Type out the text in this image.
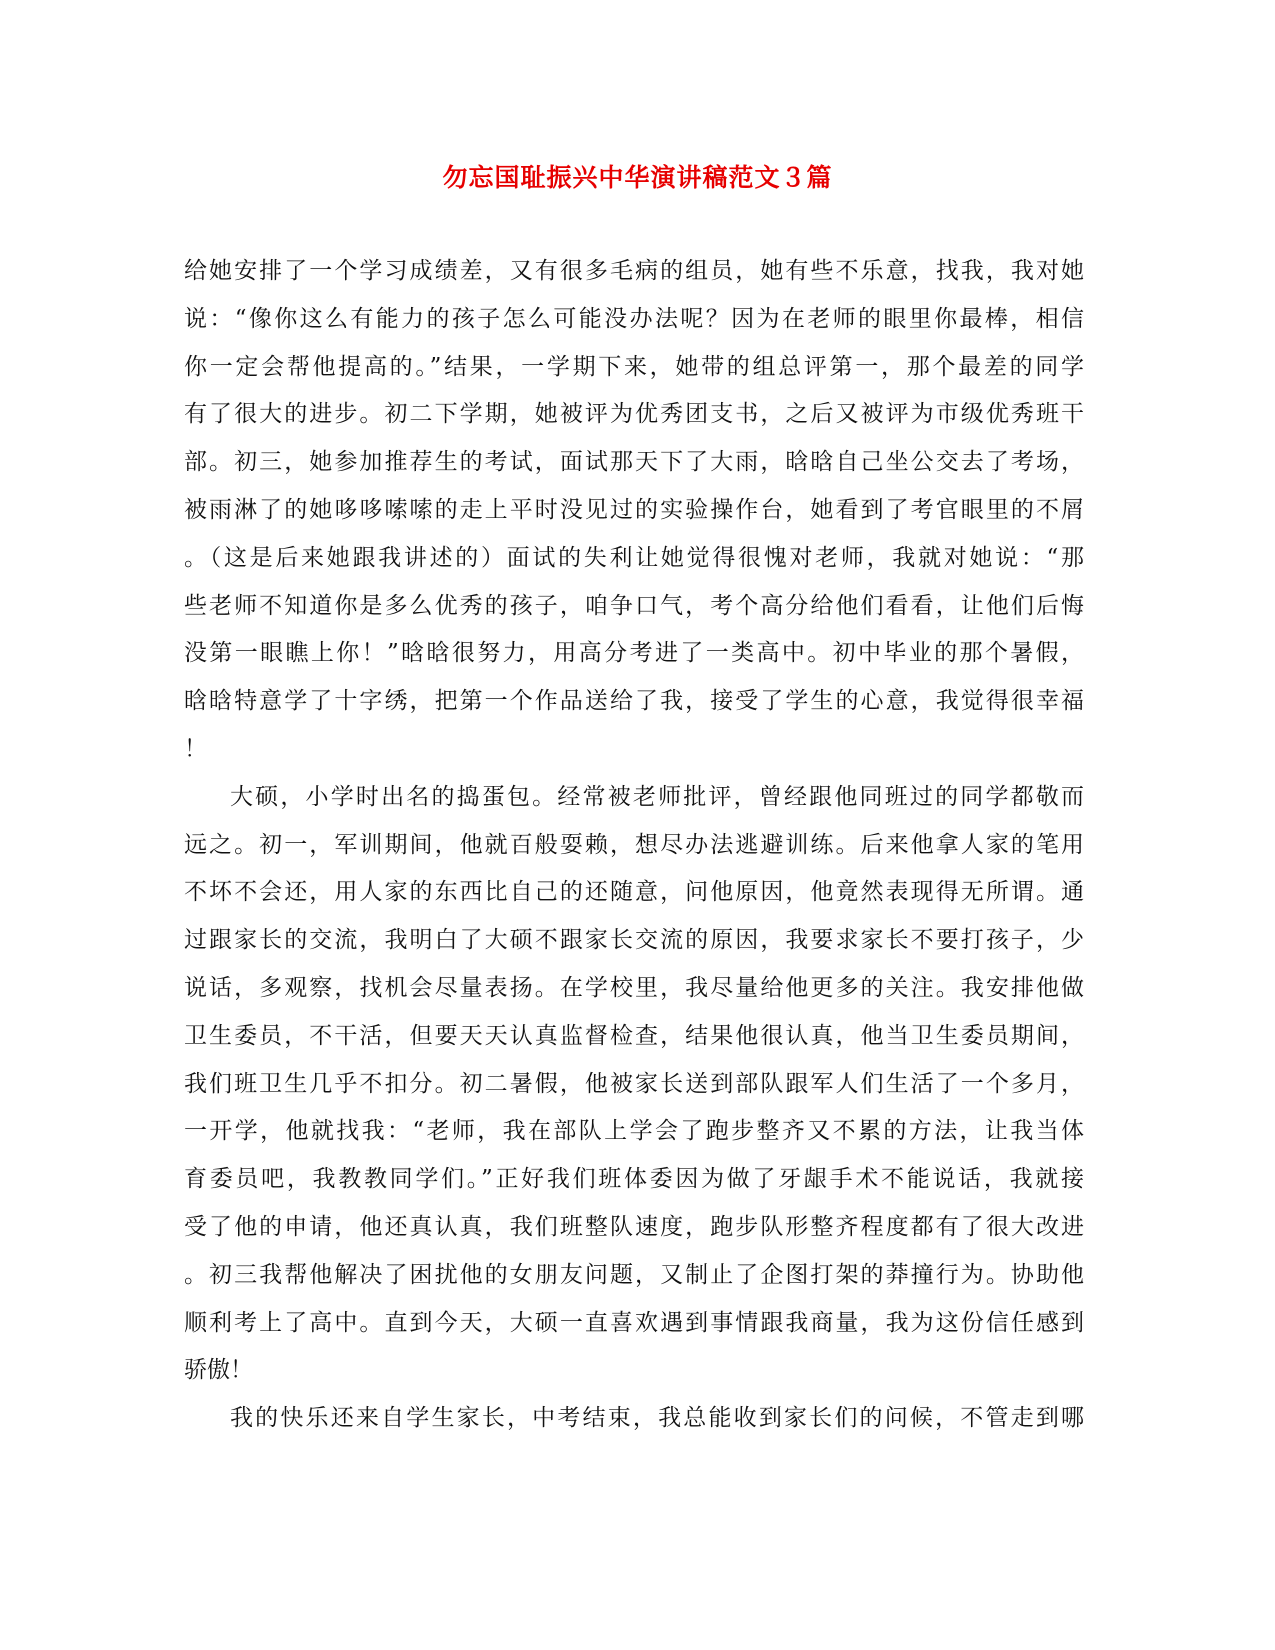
勿忘国耻振兴中华演讲稿范文３篇
给她安排了一个学习成绩差，又有很多毛病的组员，她有些不乐意，找我，我对她
说：“像你这么有能力的孩子怎么可能没办法呢？因为在老师的眼里你最棒，相信
你一定会帮他提高的。”结果，一学期下来，她带的组总评第一，那个最差的同学
有了很大的进步。初二下学期，她被评为优秀团支书，之后又被评为市级优秀班干
部。初三，她参加推荐生的考试，面试那天下了大雨，晗晗自己坐公交去了考场，
被雨淋了的她哆哆嗦嗦的走上平时没见过的实验操作台，她看到了考官眼里的不屑
。（这是后来她跟我讲述的）面试的失利让她觉得很愧对老师，我就对她说：“那
些老师不知道你是多么优秀的孩子，咱争口气，考个高分给他们看看，让他们后悔
没第一眼瞧上你！”晗晗很努力，用高分考进了一类高中。初中毕业的那个暑假，
晗晗特意学了十字绣，把第一个作品送给了我，接受了学生的心意，我觉得很幸福
！
大硕，小学时出名的捣蛋包。经常被老师批评，曾经跟他同班过的同学都敬而
远之。初一，军训期间，他就百般耍赖，想尽办法逃避训练。后来他拿人家的笔用
不坏不会还，用人家的东西比自己的还随意，问他原因，他竟然表现得无所谓。通
过跟家长的交流，我明白了大硕不跟家长交流的原因，我要求家长不要打孩子，少
说话，多观察，找机会尽量表扬。在学校里，我尽量给他更多的关注。我安排他做
卫生委员，不干活，但要天天认真监督检查，结果他很认真，他当卫生委员期间，
我们班卫生几乎不扣分。初二暑假，他被家长送到部队跟军人们生活了一个多月，
一开学，他就找我：“老师，我在部队上学会了跑步整齐又不累的方法，让我当体
育委员吧，我教教同学们。”正好我们班体委因为做了牙龈手术不能说话，我就接
受了他的申请，他还真认真，我们班整队速度，跑步队形整齐程度都有了很大改进
。初三我帮他解决了困扰他的女朋友问题，又制止了企图打架的莽撞行为。协助他
顺利考上了高中。直到今天，大硕一直喜欢遇到事情跟我商量，我为这份信任感到
骄傲！
我的快乐还来自学生家长，中考结束，我总能收到家长们的问候，不管走到哪
